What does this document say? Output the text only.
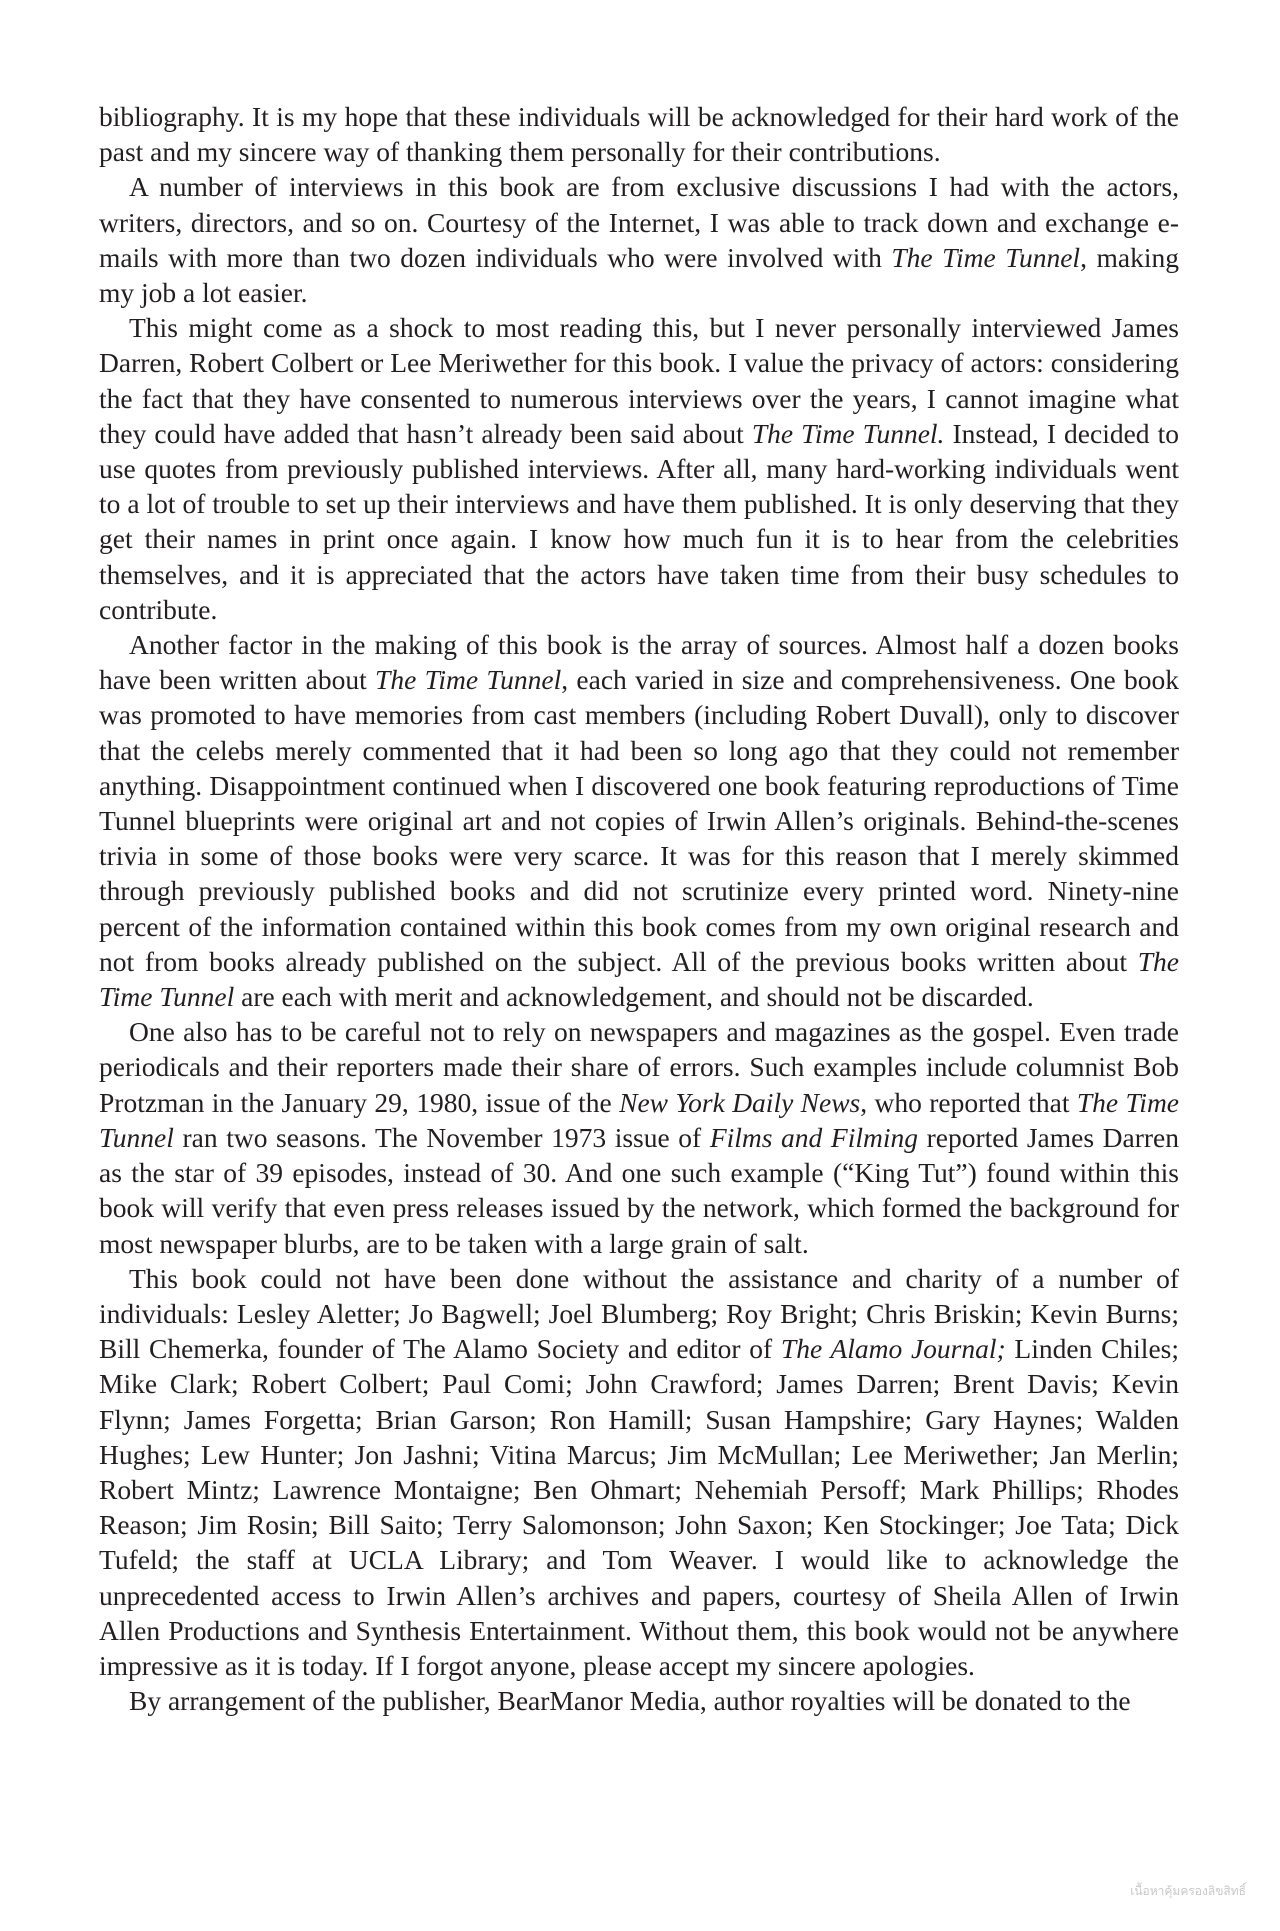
bibliography. It is my hope that these individuals will be acknowledged for their hard work of the past and my sincere way of thanking them personally for their contributions.

A number of interviews in this book are from exclusive discussions I had with the actors, writers, directors, and so on. Courtesy of the Internet, I was able to track down and exchange e-mails with more than two dozen individuals who were involved with The Time Tunnel, making my job a lot easier.

This might come as a shock to most reading this, but I never personally interviewed James Darren, Robert Colbert or Lee Meriwether for this book. I value the privacy of actors: considering the fact that they have consented to numerous interviews over the years, I cannot imagine what they could have added that hasn’t already been said about The Time Tunnel. Instead, I decided to use quotes from previously published interviews. After all, many hard-working individuals went to a lot of trouble to set up their interviews and have them published. It is only deserving that they get their names in print once again. I know how much fun it is to hear from the celebrities themselves, and it is appreciated that the actors have taken time from their busy schedules to contribute.

Another factor in the making of this book is the array of sources. Almost half a dozen books have been written about The Time Tunnel, each varied in size and comprehensiveness. One book was promoted to have memories from cast members (including Robert Duvall), only to discover that the celebs merely commented that it had been so long ago that they could not remember anything. Disappointment continued when I discovered one book featuring reproductions of Time Tunnel blueprints were original art and not copies of Irwin Allen’s originals. Behind-the-scenes trivia in some of those books were very scarce. It was for this reason that I merely skimmed through previously published books and did not scrutinize every printed word. Ninety-nine percent of the information contained within this book comes from my own original research and not from books already published on the subject. All of the previous books written about The Time Tunnel are each with merit and acknowledgement, and should not be discarded.

One also has to be careful not to rely on newspapers and magazines as the gospel. Even trade periodicals and their reporters made their share of errors. Such examples include columnist Bob Protzman in the January 29, 1980, issue of the New York Daily News, who reported that The Time Tunnel ran two seasons. The November 1973 issue of Films and Filming reported James Darren as the star of 39 episodes, instead of 30. And one such example (“King Tut”) found within this book will verify that even press releases issued by the network, which formed the background for most newspaper blurbs, are to be taken with a large grain of salt.

This book could not have been done without the assistance and charity of a number of individuals: Lesley Aletter; Jo Bagwell; Joel Blumberg; Roy Bright; Chris Briskin; Kevin Burns; Bill Chemerka, founder of The Alamo Society and editor of The Alamo Journal; Linden Chiles; Mike Clark; Robert Colbert; Paul Comi; John Crawford; James Darren; Brent Davis; Kevin Flynn; James Forgetta; Brian Garson; Ron Hamill; Susan Hampshire; Gary Haynes; Walden Hughes; Lew Hunter; Jon Jashni; Vitina Marcus; Jim McMullan; Lee Meriwether; Jan Merlin; Robert Mintz; Lawrence Montaigne; Ben Ohmart; Nehemiah Persoff; Mark Phillips; Rhodes Reason; Jim Rosin; Bill Saito; Terry Salomonson; John Saxon; Ken Stockinger; Joe Tata; Dick Tufeld; the staff at UCLA Library; and Tom Weaver. I would like to acknowledge the unprecedented access to Irwin Allen’s archives and papers, courtesy of Sheila Allen of Irwin Allen Productions and Synthesis Entertainment. Without them, this book would not be anywhere impressive as it is today. If I forgot anyone, please accept my sincere apologies.

By arrangement of the publisher, BearManor Media, author royalties will be donated to the

เนื้อหาคุ้มครองลิขสิทธิ์
